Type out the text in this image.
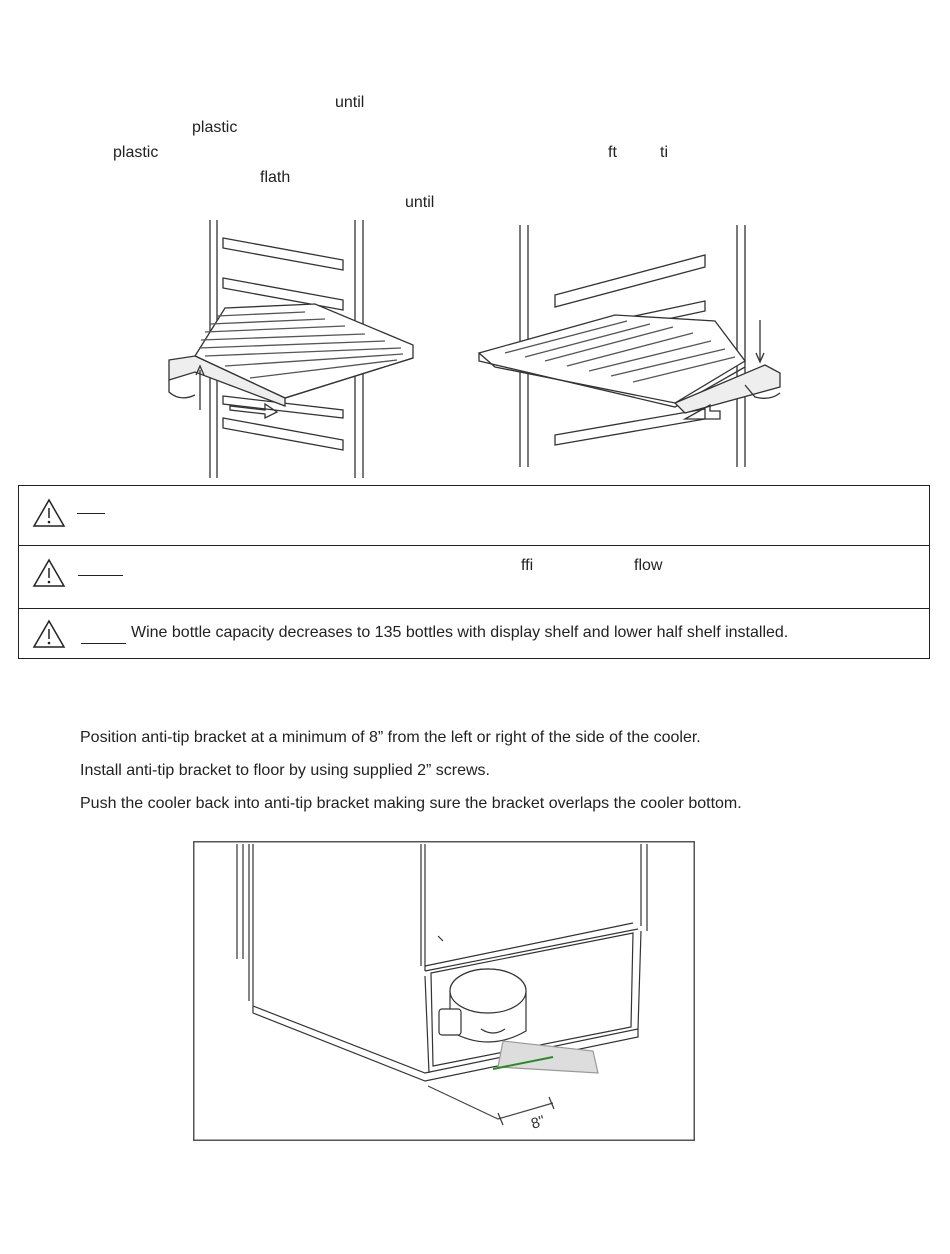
until
plastic
plastic	ft	ti
flath
until
ffi	flow
Wine bottle capacity decreases to 135 bottles with display shelf and lower half shelf installed.
Position anti-tip bracket at a minimum of 8” from the left or right of the side of the cooler.
Install anti-tip bracket to floor by using supplied 2” screws.
Push the cooler back into anti-tip bracket making sure the bracket overlaps the cooler bottom.
8"
